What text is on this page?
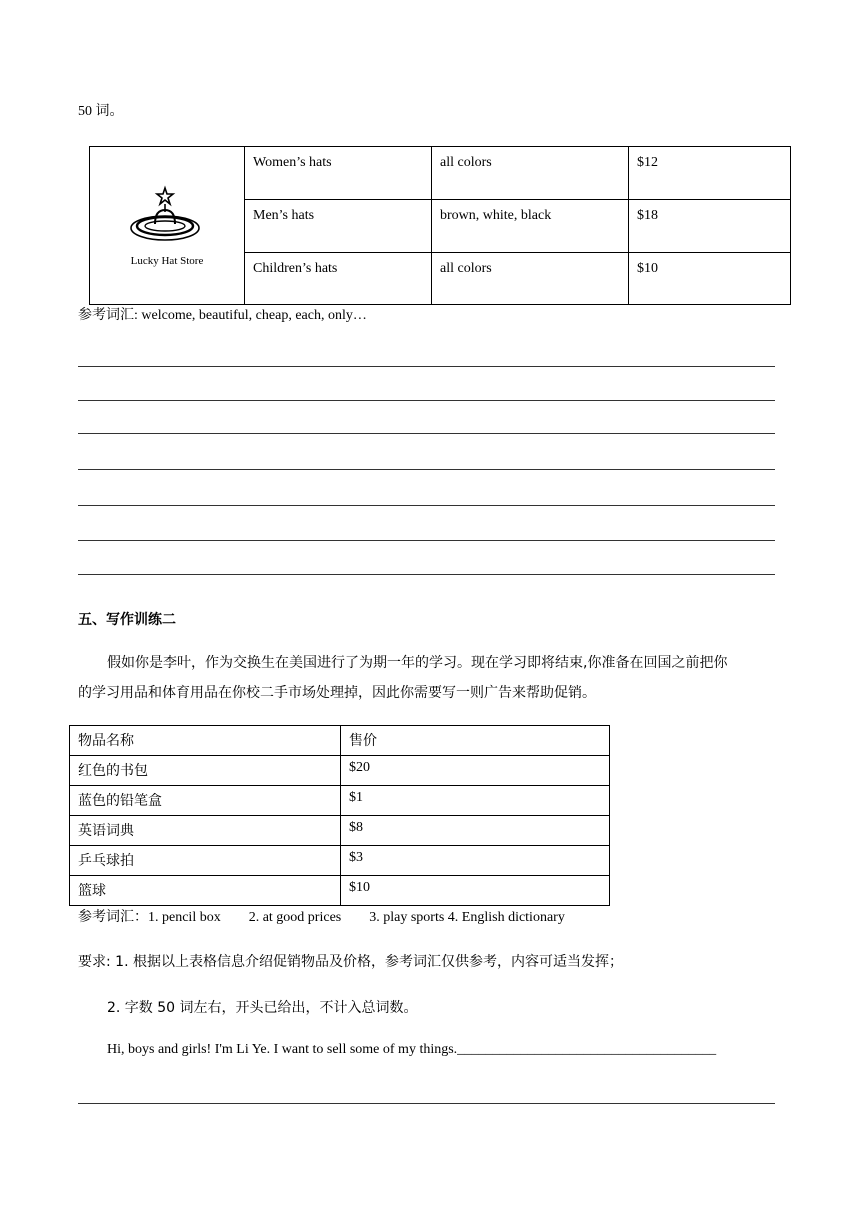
50 词。
Lucky Hat Store	Women’s hats	all colors	$12
	Men’s hats	brown, white, black	$18
	Children’s hats	all colors	$10
参考词汇: welcome, beautiful, cheap, each, only…
五、写作训练二
假如你是李叶，作为交换生在美国进行了为期一年的学习。现在学习即将结束,你准备在回国之前把你
的学习用品和体育用品在你校二手市场处理掉，因此你需要写一则广告来帮助促销。
物品名称	售价
红色的书包	$20
蓝色的铅笔盒	$1
英语词典	$8
乒乓球拍	$3
篮球	$10
参考词汇：1. pencil box        2. at good prices        3. play sports 4. English dictionary
要求: 1. 根据以上表格信息介绍促销物品及价格，参考词汇仅供参考，内容可适当发挥；
2. 字数 50 词左右，开头已给出，不计入总词数。
Hi, boys and girls! I'm Li Ye. I want to sell some of my things._____________________________________
